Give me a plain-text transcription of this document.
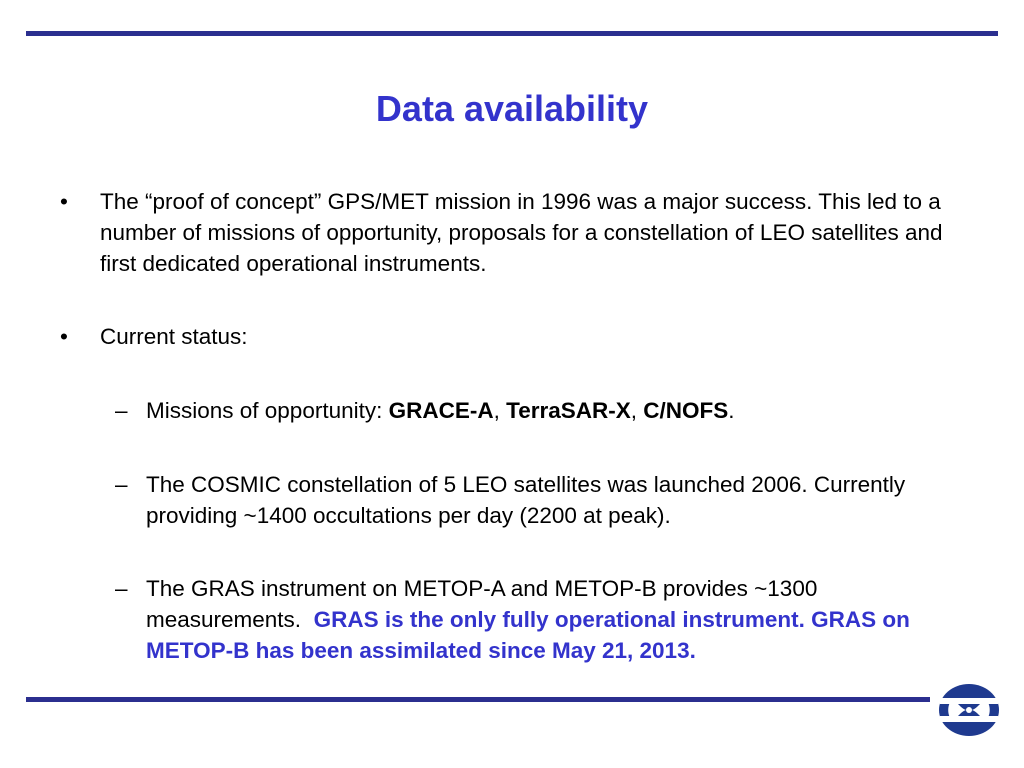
Data availability
• The “proof of concept” GPS/MET mission in 1996 was a major success. This led to a number of missions of opportunity, proposals for a constellation of LEO satellites and first dedicated operational instruments.
• Current status:
– Missions of opportunity: GRACE-A, TerraSAR-X, C/NOFS.
– The COSMIC constellation of 5 LEO satellites was launched 2006. Currently providing ~1400 occultations per day (2200 at peak).
– The GRAS instrument on METOP-A and METOP-B provides ~1300 measurements.  GRAS is the only fully operational instrument. GRAS on METOP-B has been assimilated since May 21, 2013.
